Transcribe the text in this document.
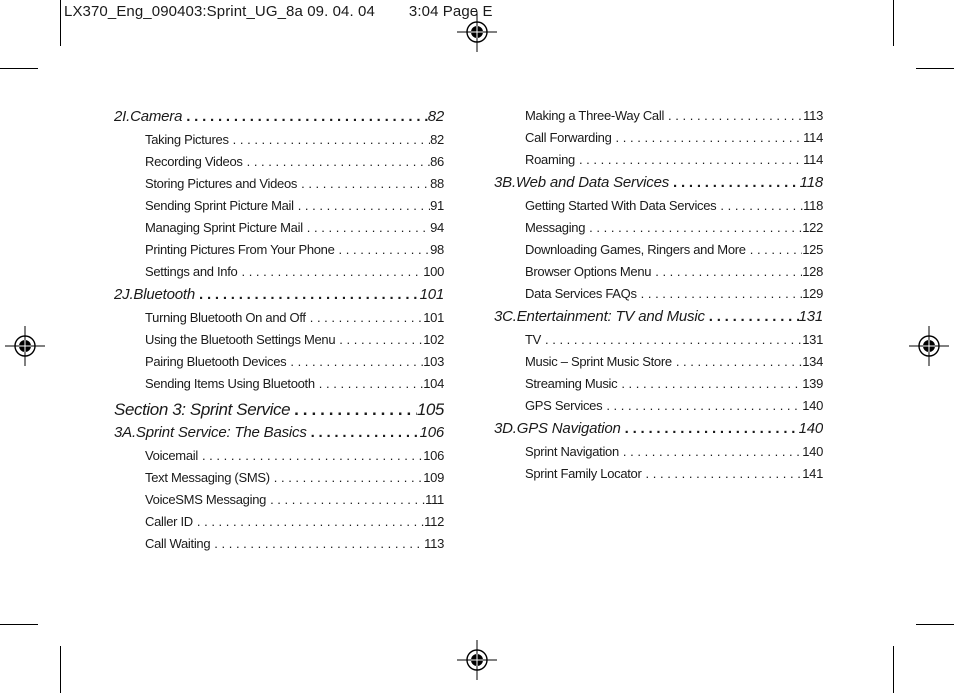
LX370_Eng_090403:Sprint_UG_8a 09. 04. 04 3:04 Page E
2I. Camera . . .	82
Taking Pictures . . .	82
Recording Videos . . .	86
Storing Pictures and Videos . . .	88
Sending Sprint Picture Mail . . .	91
Managing Sprint Picture Mail . . .	94
Printing Pictures From Your Phone . . .	98
Settings and Info . . .	100
2J. Bluetooth . . .	101
Turning Bluetooth On and Off . . .	101
Using the Bluetooth Settings Menu . . .	102
Pairing Bluetooth Devices . . .	103
Sending Items Using Bluetooth . . .	104
Section 3: Sprint Service . . .	105
3A. Sprint Service: The Basics . . .	106
Voicemail . . .	106
Text Messaging (SMS) . . .	109
VoiceSMS Messaging . . .	111
Caller ID . . .	112
Call Waiting . . .	113
Making a Three-Way Call . . .	113
Call Forwarding . . .	114
Roaming . . .	114
3B. Web and Data Services . . .	118
Getting Started With Data Services . . .	118
Messaging . . .	122
Downloading Games, Ringers and More . . .	125
Browser Options Menu . . .	128
Data Services FAQs . . .	129
3C. Entertainment: TV and Music . . .	131
TV . . .	131
Music – Sprint Music Store . . .	134
Streaming Music . . .	139
GPS Services . . .	140
3D. GPS Navigation . . .	140
Sprint Navigation . . .	140
Sprint Family Locator . . .	141
